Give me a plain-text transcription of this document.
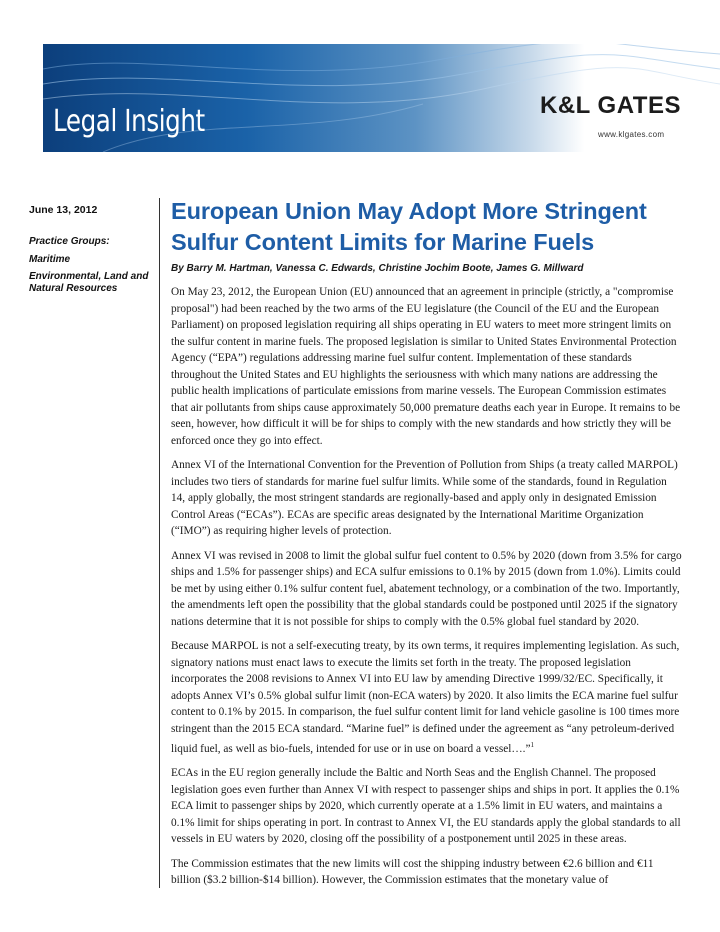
Legal Insight	K&L GATES
www.klgates.com
June 13, 2012
Practice Groups:
Maritime
Environmental, Land and Natural Resources
European Union May Adopt More Stringent Sulfur Content Limits for Marine Fuels
By Barry M. Hartman, Vanessa C. Edwards, Christine Jochim Boote, James G. Millward

On May 23, 2012, the European Union (EU) announced that an agreement in principle (strictly, a "compromise proposal") had been reached by the two arms of the EU legislature (the Council of the EU and the European Parliament) on proposed legislation requiring all ships operating in EU waters to meet more stringent limits on the sulfur content in marine fuels. The proposed legislation is similar to United States Environmental Protection Agency (“EPA”) regulations addressing marine fuel sulfur content. Implementation of these standards throughout the United States and EU highlights the seriousness with which many nations are addressing the public health implications of particulate emissions from marine vessels. The European Commission estimates that air pollutants from ships cause approximately 50,000 premature deaths each year in Europe. It remains to be seen, however, how difficult it will be for ships to comply with the new standards and how strictly they will be enforced once they go into effect.

Annex VI of the International Convention for the Prevention of Pollution from Ships (a treaty called MARPOL) includes two tiers of standards for marine fuel sulfur limits. While some of the standards, found in Regulation 14, apply globally, the most stringent standards are regionally-based and apply only in designated Emission Control Areas (“ECAs”). ECAs are specific areas designated by the International Maritime Organization (“IMO”) as requiring higher levels of protection.

Annex VI was revised in 2008 to limit the global sulfur fuel content to 0.5% by 2020 (down from 3.5% for cargo ships and 1.5% for passenger ships) and ECA sulfur emissions to 0.1% by 2015 (down from 1.0%). Limits could be met by using either 0.1% sulfur content fuel, abatement technology, or a combination of the two. Importantly, the amendments left open the possibility that the global standards could be postponed until 2025 if the signatory nations determine that it is not possible for ships to comply with the 0.5% global fuel standard by 2020.

Because MARPOL is not a self-executing treaty, by its own terms, it requires implementing legislation. As such, signatory nations must enact laws to execute the limits set forth in the treaty. The proposed legislation incorporates the 2008 revisions to Annex VI into EU law by amending Directive 1999/32/EC. Specifically, it adopts Annex VI’s 0.5% global sulfur limit (non-ECA waters) by 2020. It also limits the ECA marine fuel sulfur content to 0.1% by 2015. In comparison, the fuel sulfur content limit for land vehicle gasoline is 100 times more stringent than the 2015 ECA standard. “Marine fuel” is defined under the agreement as “any petroleum-derived liquid fuel, as well as bio-fuels, intended for use or in use on board a vessel….”$^1$

ECAs in the EU region generally include the Baltic and North Seas and the English Channel. The proposed legislation goes even further than Annex VI with respect to passenger ships and ships in port. It applies the 0.1% ECA limit to passenger ships by 2020, which currently operate at a 1.5% limit in EU waters, and maintains a 0.1% limit for ships operating in port. In contrast to Annex VI, the EU standards apply the global standards to all vessels in EU waters by 2020, closing off the possibility of a postponement until 2025 in these areas.

The Commission estimates that the new limits will cost the shipping industry between €2.6 billion and €11 billion ($3.2 billion-$14 billion). However, the Commission estimates that the monetary value of
